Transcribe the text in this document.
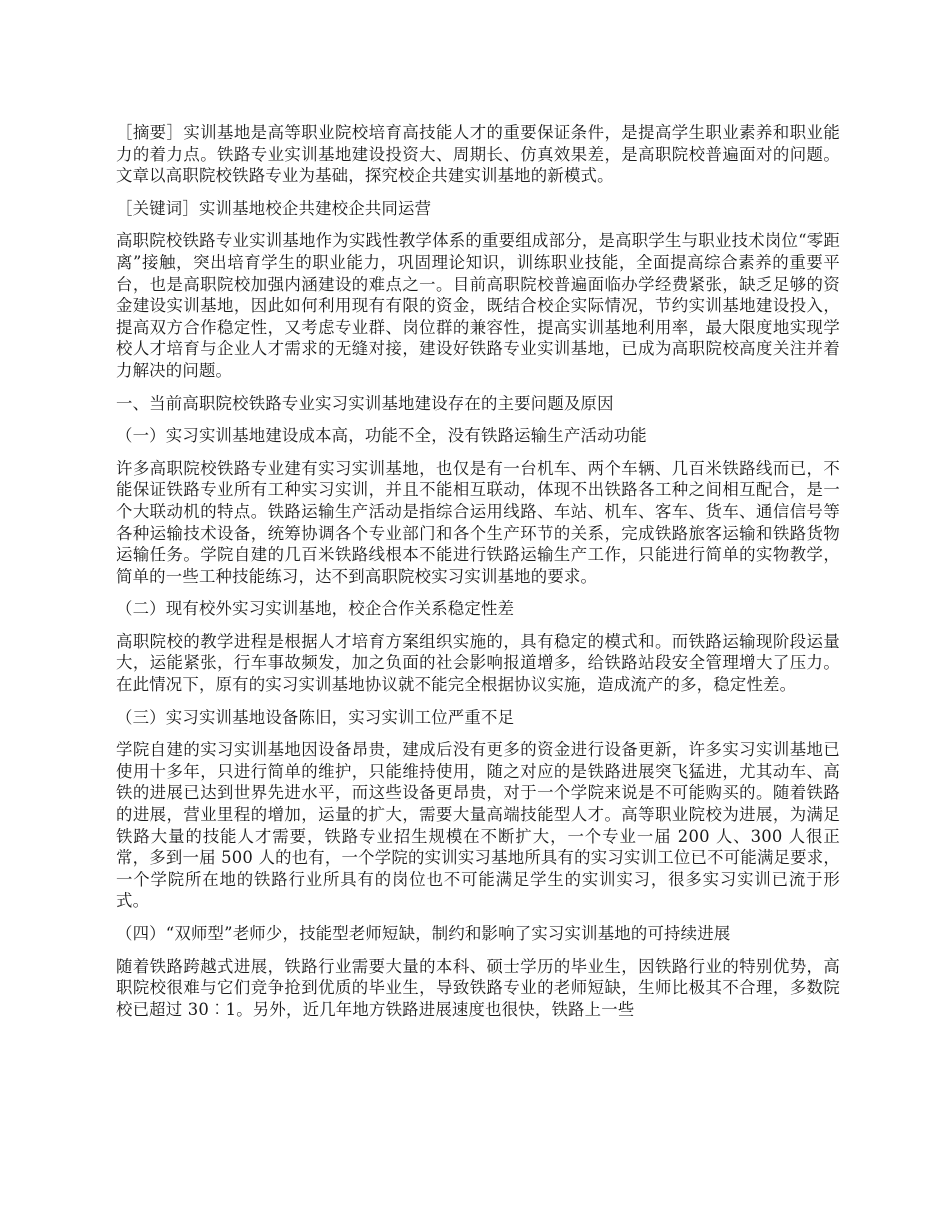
［摘要］实训基地是高等职业院校培育高技能人才的重要保证条件，是提高学生职业素养和职业能力的着力点。铁路专业实训基地建设投资大、周期长、仿真效果差，是高职院校普遍面对的问题。文章以高职院校铁路专业为基础，探究校企共建实训基地的新模式。

［关键词］实训基地校企共建校企共同运营

高职院校铁路专业实训基地作为实践性教学体系的重要组成部分，是高职学生与职业技术岗位“零距离”接触，突出培育学生的职业能力，巩固理论知识，训练职业技能，全面提高综合素养的重要平台，也是高职院校加强内涵建设的难点之一。目前高职院校普遍面临办学经费紧张，缺乏足够的资金建设实训基地，因此如何利用现有有限的资金，既结合校企实际情况，节约实训基地建设投入，提高双方合作稳定性，又考虑专业群、岗位群的兼容性，提高实训基地利用率，最大限度地实现学校人才培育与企业人才需求的无缝对接，建设好铁路专业实训基地，已成为高职院校高度关注并着力解决的问题。

一、当前高职院校铁路专业实习实训基地建设存在的主要问题及原因

（一）实习实训基地建设成本高，功能不全，没有铁路运输生产活动功能

许多高职院校铁路专业建有实习实训基地，也仅是有一台机车、两个车辆、几百米铁路线而已，不能保证铁路专业所有工种实习实训，并且不能相互联动，体现不出铁路各工种之间相互配合，是一个大联动机的特点。铁路运输生产活动是指综合运用线路、车站、机车、客车、货车、通信信号等各种运输技术设备，统筹协调各个专业部门和各个生产环节的关系，完成铁路旅客运输和铁路货物运输任务。学院自建的几百米铁路线根本不能进行铁路运输生产工作，只能进行简单的实物教学，简单的一些工种技能练习，达不到高职院校实习实训基地的要求。

（二）现有校外实习实训基地，校企合作关系稳定性差

高职院校的教学进程是根据人才培育方案组织实施的，具有稳定的模式和。而铁路运输现阶段运量大，运能紧张，行车事故频发，加之负面的社会影响报道增多，给铁路站段安全管理增大了压力。在此情况下，原有的实习实训基地协议就不能完全根据协议实施，造成流产的多，稳定性差。

（三）实习实训基地设备陈旧，实习实训工位严重不足

学院自建的实习实训基地因设备昂贵，建成后没有更多的资金进行设备更新，许多实习实训基地已使用十多年，只进行简单的维护，只能维持使用，随之对应的是铁路进展突飞猛进，尤其动车、高铁的进展已达到世界先进水平，而这些设备更昂贵，对于一个学院来说是不可能购买的。随着铁路的进展，营业里程的增加，运量的扩大，需要大量高端技能型人才。高等职业院校为进展，为满足铁路大量的技能人才需要，铁路专业招生规模在不断扩大，一个专业一届 200 人、300 人很正常，多到一届 500 人的也有，一个学院的实训实习基地所具有的实习实训工位已不可能满足要求，一个学院所在地的铁路行业所具有的岗位也不可能满足学生的实训实习，很多实习实训已流于形式。

（四）“双师型”老师少，技能型老师短缺，制约和影响了实习实训基地的可持续进展

随着铁路跨越式进展，铁路行业需要大量的本科、硕士学历的毕业生，因铁路行业的特别优势，高职院校很难与它们竞争抢到优质的毕业生，导致铁路专业的老师短缺，生师比极其不合理，多数院校已超过 30︰1。另外，近几年地方铁路进展速度也很快，铁路上一些
